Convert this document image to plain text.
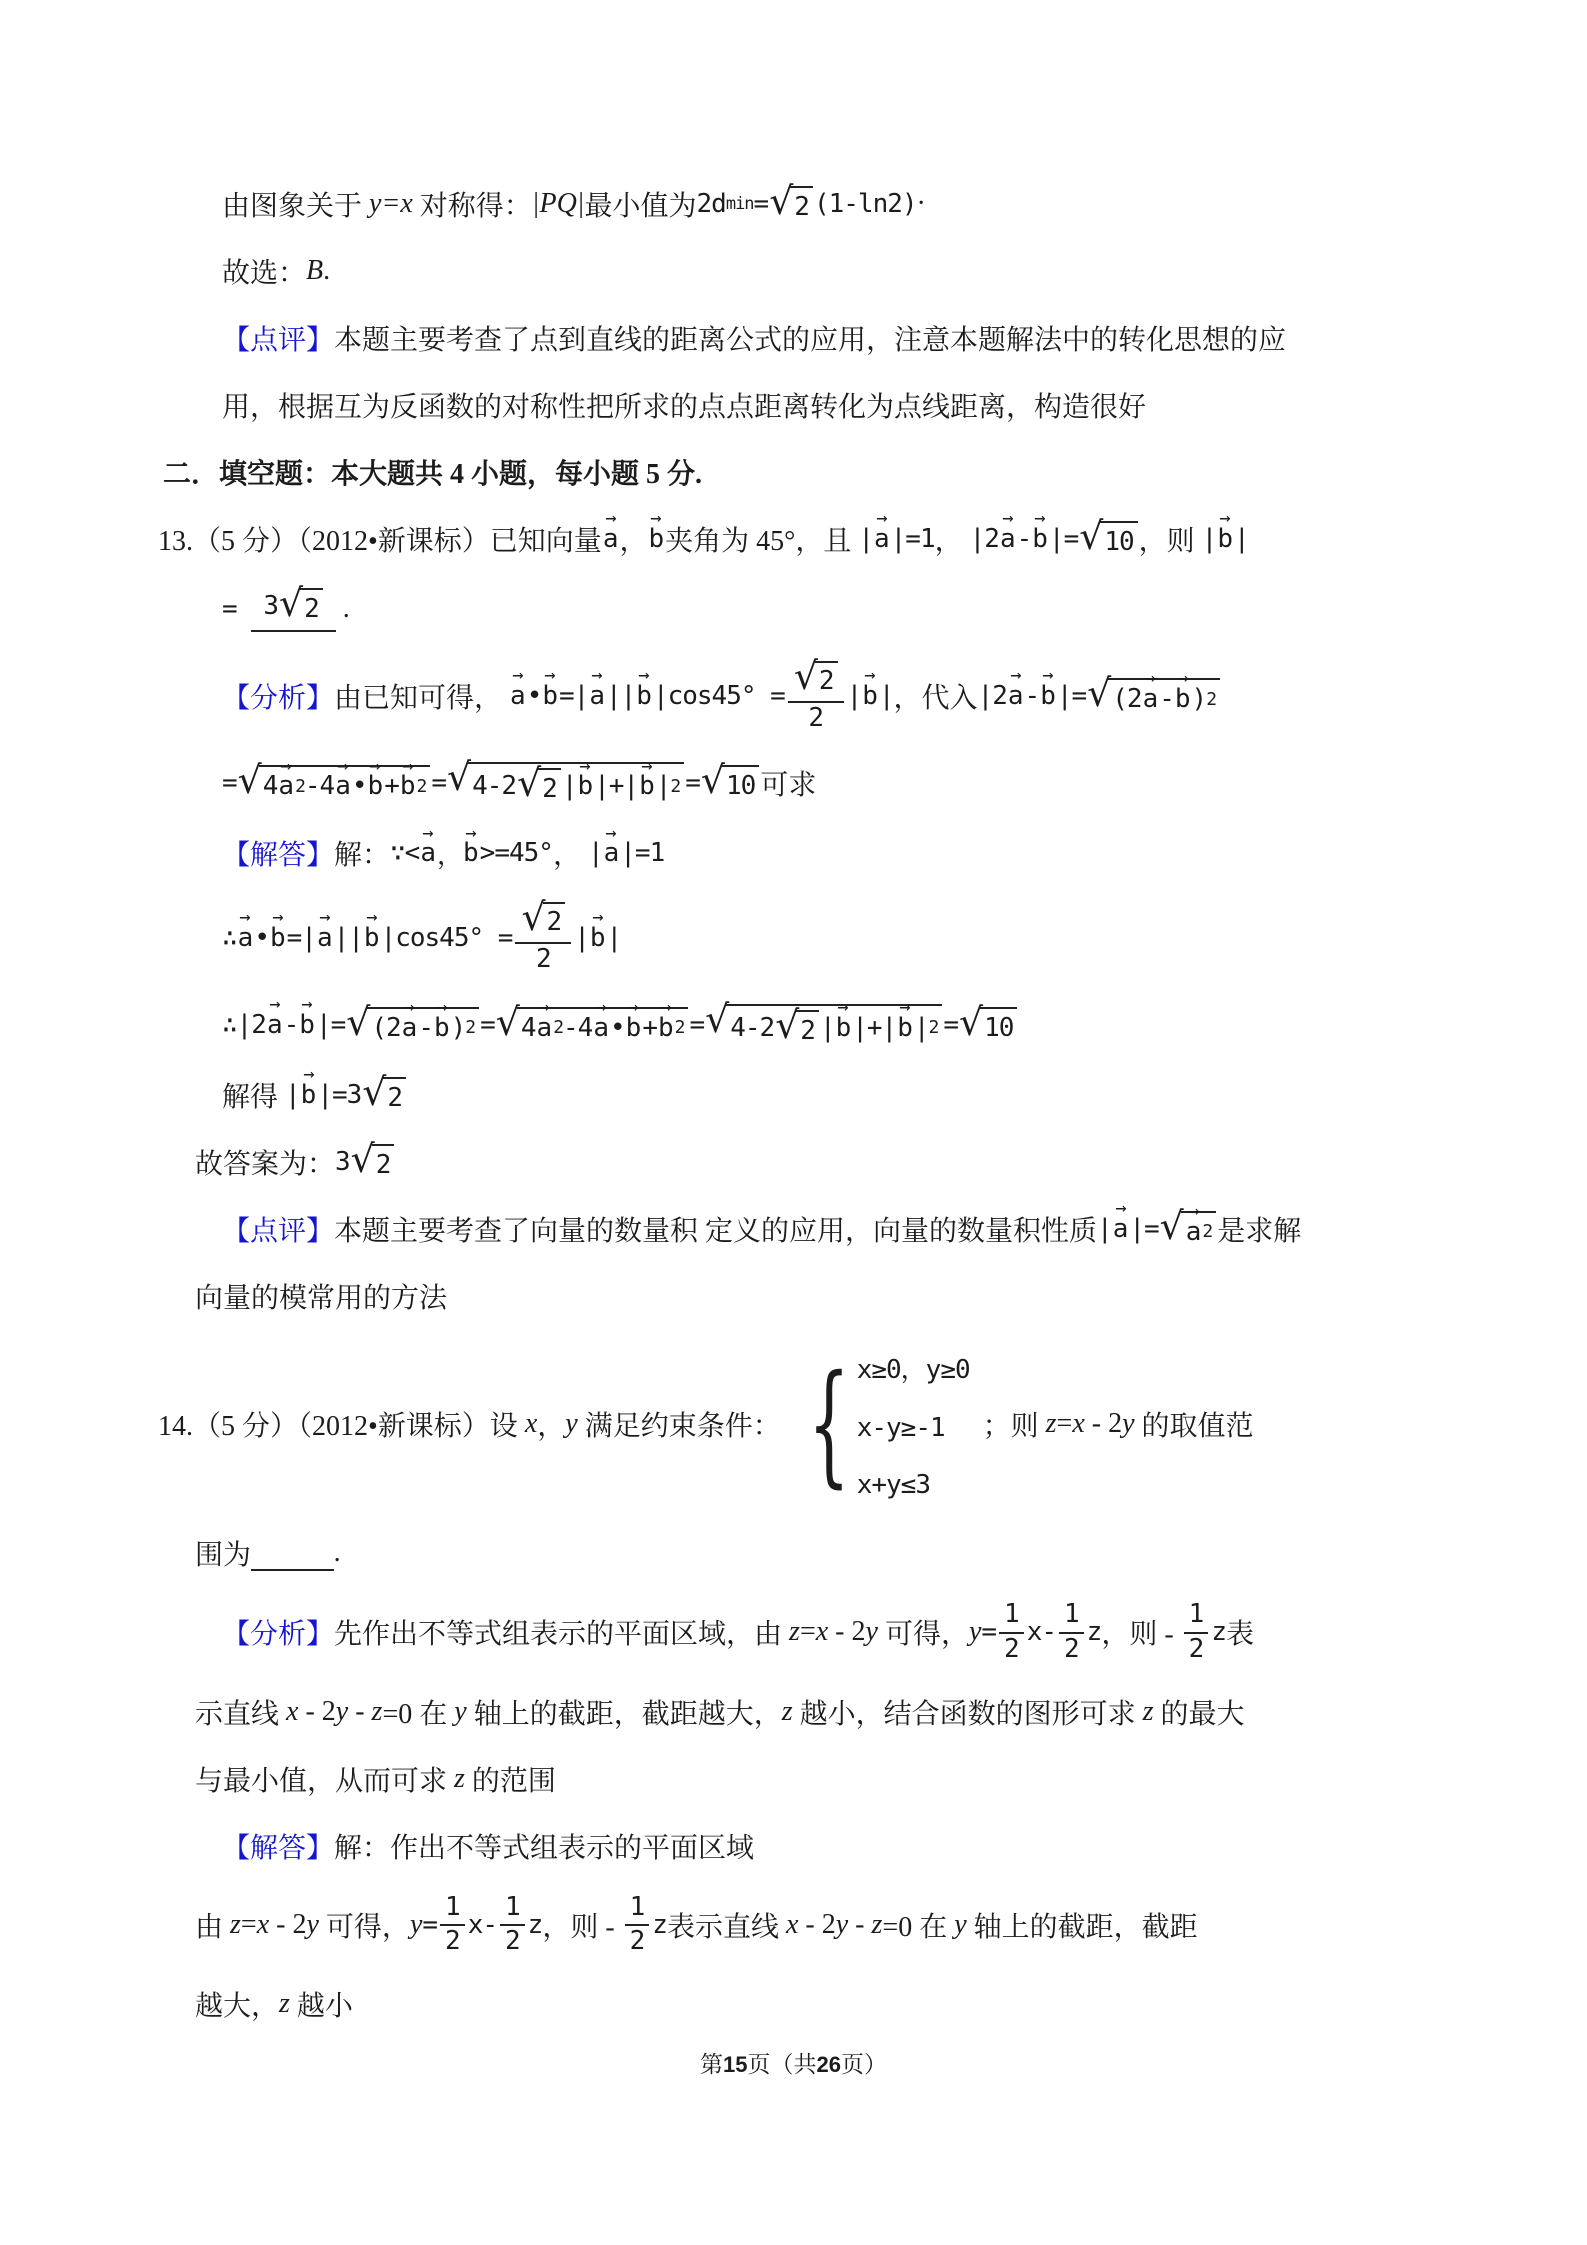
由图象关于 y=x 对称得： |PQ| 最小值为 2d min = √ 2 (1-ln2) ·
故选： B .
【点评】 本题主要考查了点到直线的距离公式的应用，注意本题解法中的转化思想的应
用，根据互为反函数的对称性把所求的点点距离转化为点线距离，构造很好
二．填空题：本大题共 4 小题，每小题 5 分.
13.（5 分）（2012•新课标）已知向量 → a ， → b 夹角为 45°，且 | → a |=1 ， |2 → a - → b |= √ 10 ，则 | → b |
= 3 √ 2 .
【分析】 由已知可得， → a • → b =| → a || → b |cos45° = √ $\frac{2}{2}$ | → b | ，代入 |2 → a - → b |= √ (2 → a - → b ) 2
= √ 4 → a 2 -4 → a • → b + → b 2 = √ 4-2 √ 2 | → b |+| → b | 2 = √ 10 可求
【解答】 解： ∵< → a ， → b >=45° ， | → a |=1
∴ → a • → b =| → a || → b |cos45° = √ $\frac{2}{2}$ | → b |
∴|2 → a - → b |= √ (2 → a - → b ) 2 = √ 4 → a 2 -4 → a • → b + → b 2 = √ 4-2 √ 2 | → b |+| → b | 2 = √ 10
解得 | → b |=3 √ 2
故答案为： 3 √ 2
【点评】 本题主要考查了向量的数量积 定义的应用，向量的数量积性质 | → a |= → √ a 2 是求解
向量的模常用的方法
14.（5 分）（2012•新课标）设 x ， y 满足约束条件： { x≥0，y≥0
x-y≥-1
x+y≤3
；则 z = x - 2 y 的取值范
围为
	.
【分析】 先作出不等式组表示的平面区域，由 z = x - 2 y 可得， $y = \frac{1}{2} x- \frac{1}{2}$ z ，则 - $\frac{1}{2}$ z 表
示直线 x - 2 y - z =0 在 y 轴上的截距，截距越大， z 越小，结合函数的图形可求 z 的最大
与最小值，从而可求 z 的范围
【解答】 解：作出不等式组表示的平面区域
由 z = x - 2 y 可得， $y = \frac{1}{2} x- \frac{1}{2}$ z ，则 - $\frac{1}{2}$ z 表示直线 x - 2 y - z =0 在 y 轴上的截距，截距
越大， z 越小
第 15 页（共 26 页）
